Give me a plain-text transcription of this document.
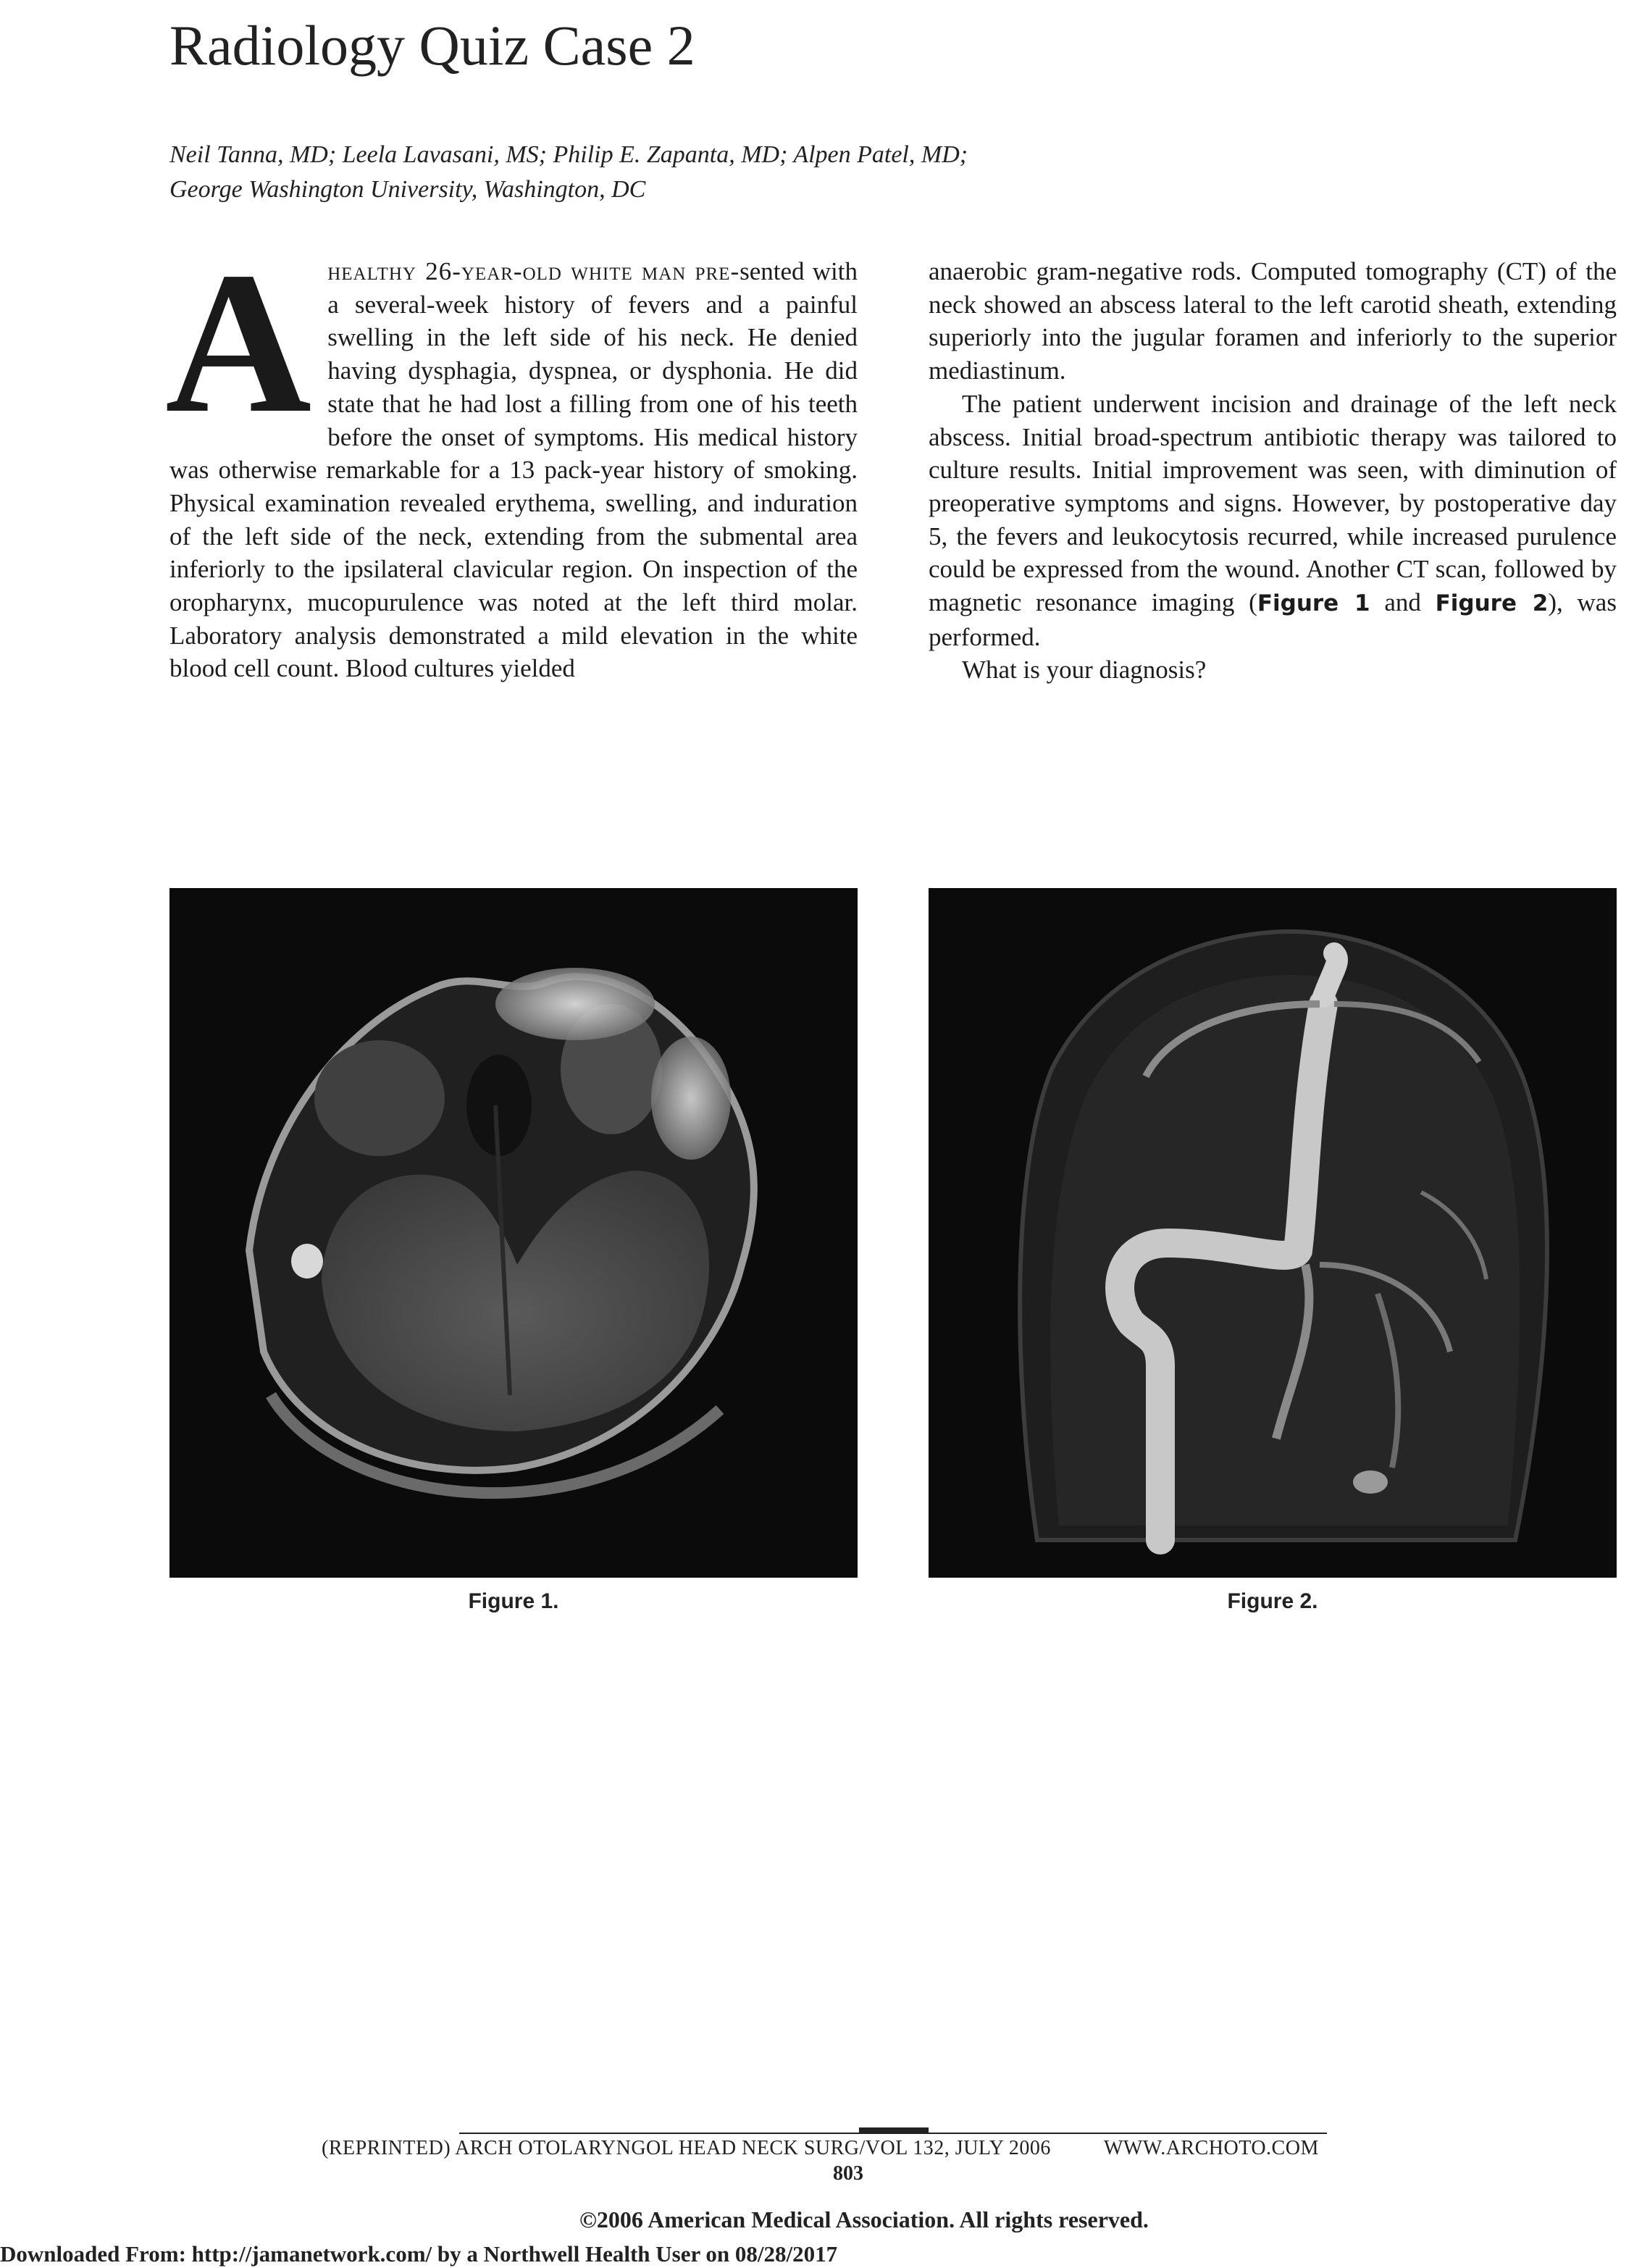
Radiology Quiz Case 2
Neil Tanna, MD; Leela Lavasani, MS; Philip E. Zapanta, MD; Alpen Patel, MD;
George Washington University, Washington, DC

Ahealthy 26-year-old white man pre-sented with a several-week history of fevers and a painful swelling in the left side of his neck. He denied having dysphagia, dyspnea, or dysphonia. He did state that he had lost a filling from one of his teeth before the onset of symptoms. His medical history was otherwise remarkable for a 13 pack-year history of smoking. Physical examination revealed erythema, swelling, and induration of the left side of the neck, extending from the submental area inferiorly to the ipsilateral clavicular region. On inspection of the oropharynx, mucopurulence was noted at the left third molar. Laboratory analysis demonstrated a mild elevation in the white blood cell count. Blood cultures yielded

anaerobic gram-negative rods. Computed tomography (CT) of the neck showed an abscess lateral to the left carotid sheath, extending superiorly into the jugular foramen and inferiorly to the superior mediastinum.

The patient underwent incision and drainage of the left neck abscess. Initial broad-spectrum antibiotic therapy was tailored to culture results. Initial improvement was seen, with diminution of preoperative symptoms and signs. However, by postoperative day 5, the fevers and leukocytosis recurred, while increased purulence could be expressed from the wound. Another CT scan, followed by magnetic resonance imaging (Figure 1 and Figure 2), was performed.

What is your diagnosis?

Figure 1.	Figure 2.
(REPRINTED) ARCH OTOLARYNGOL HEAD NECK SURG/VOL 132, JULY 2006	WWW.ARCHOTO.COM
803
©2006 American Medical Association. All rights reserved.
Downloaded From: http://jamanetwork.com/ by a Northwell Health User on 08/28/2017
